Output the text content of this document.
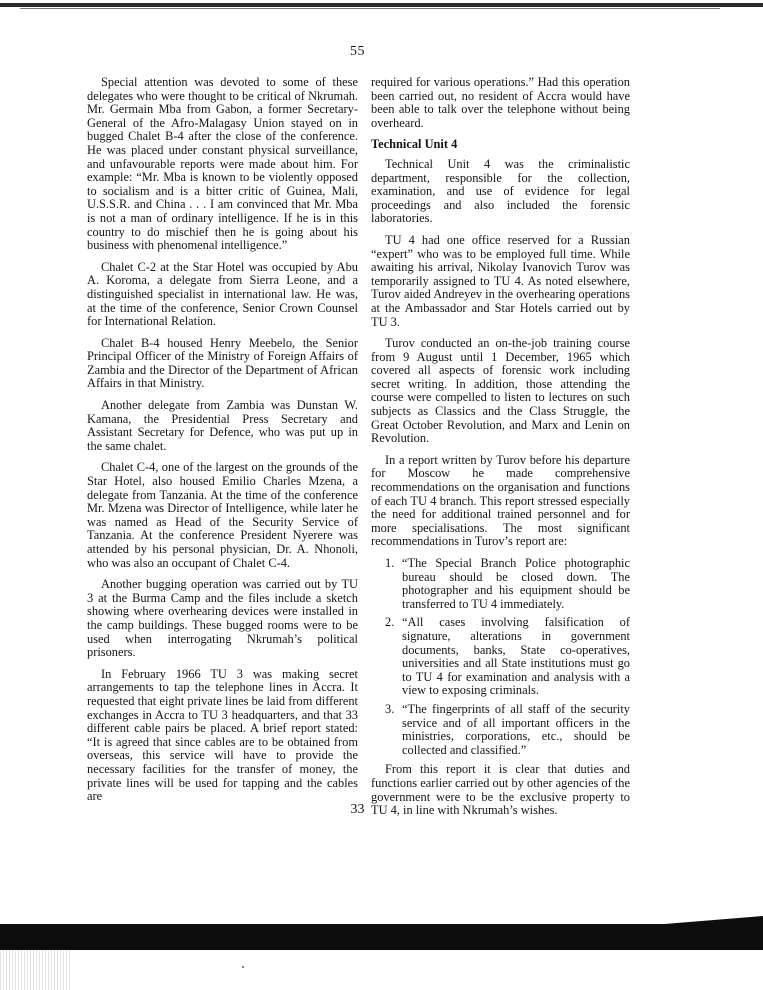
55

Special attention was devoted to some of these delegates who were thought to be critical of Nkrumah. Mr. Germain Mba from Gabon, a former Secretary-General of the Afro-Malagasy Union stayed on in bugged Chalet B-4 after the close of the conference. He was placed under constant physical surveillance, and unfavourable reports were made about him. For example: “Mr. Mba is known to be violently opposed to socialism and is a bitter critic of Guinea, Mali, U.S.S.R. and China . . . I am convinced that Mr. Mba is not a man of ordinary intelligence. If he is in this country to do mischief then he is going about his business with phenomenal intelligence.”

Chalet C-2 at the Star Hotel was occupied by Abu A. Koroma, a delegate from Sierra Leone, and a distinguished specialist in international law. He was, at the time of the conference, Senior Crown Counsel for International Relation.

Chalet B-4 housed Henry Meebelo, the Senior Principal Officer of the Ministry of Foreign Affairs of Zambia and the Director of the Department of African Affairs in that Ministry.

Another delegate from Zambia was Dunstan W. Kamana, the Presidential Press Secretary and Assistant Secretary for Defence, who was put up in the same chalet.

Chalet C-4, one of the largest on the grounds of the Star Hotel, also housed Emilio Charles Mzena, a delegate from Tanzania. At the time of the conference Mr. Mzena was Director of Intelligence, while later he was named as Head of the Security Service of Tanzania. At the conference President Nyerere was attended by his personal physician, Dr. A. Nhonoli, who was also an occupant of Chalet C-4.

Another bugging operation was carried out by TU 3 at the Burma Camp and the files include a sketch showing where overhearing devices were installed in the camp buildings. These bugged rooms were to be used when interrogating Nkrumah’s political prisoners.

In February 1966 TU 3 was making secret arrangements to tap the telephone lines in Accra. It requested that eight private lines be laid from different exchanges in Accra to TU 3 headquarters, and that 33 different cable pairs be placed. A brief report stated: “It is agreed that since cables are to be obtained from overseas, this service will have to provide the necessary facilities for the transfer of money, the private lines will be used for tapping and the cables are

required for various operations.” Had this operation been carried out, no resident of Accra would have been able to talk over the telephone without being overheard.

Technical Unit 4

Technical Unit 4 was the criminalistic department, responsible for the collection, examination, and use of evidence for legal proceedings and also included the forensic laboratories.

TU 4 had one office reserved for a Russian “expert” who was to be employed full time. While awaiting his arrival, Nikolay Ivanovich Turov was temporarily assigned to TU 4. As noted elsewhere, Turov aided Andreyev in the overhearing operations at the Ambassador and Star Hotels carried out by TU 3.

Turov conducted an on-the-job training course from 9 August until 1 December, 1965 which covered all aspects of forensic work including secret writing. In addition, those attending the course were compelled to listen to lectures on such subjects as Classics and the Class Struggle, the Great October Revolution, and Marx and Lenin on Revolution.

In a report written by Turov before his departure for Moscow he made comprehensive recommendations on the organisation and functions of each TU 4 branch. This report stressed especially the need for additional trained personnel and for more specialisations. The most significant recommendations in Turov’s report are:

1. “The Special Branch Police photographic bureau should be closed down. The photographer and his equipment should be transferred to TU 4 immediately.
2. “All cases involving falsification of signature, alterations in government documents, banks, State co-operatives, universities and all State institutions must go to TU 4 for examination and analysis with a view to exposing criminals.
3. “The fingerprints of all staff of the security service and of all important officers in the ministries, corporations, etc., should be collected and classified.”

From this report it is clear that duties and functions earlier carried out by other agencies of the government were to be the exclusive property to TU 4, in line with Nkrumah’s wishes.

33
